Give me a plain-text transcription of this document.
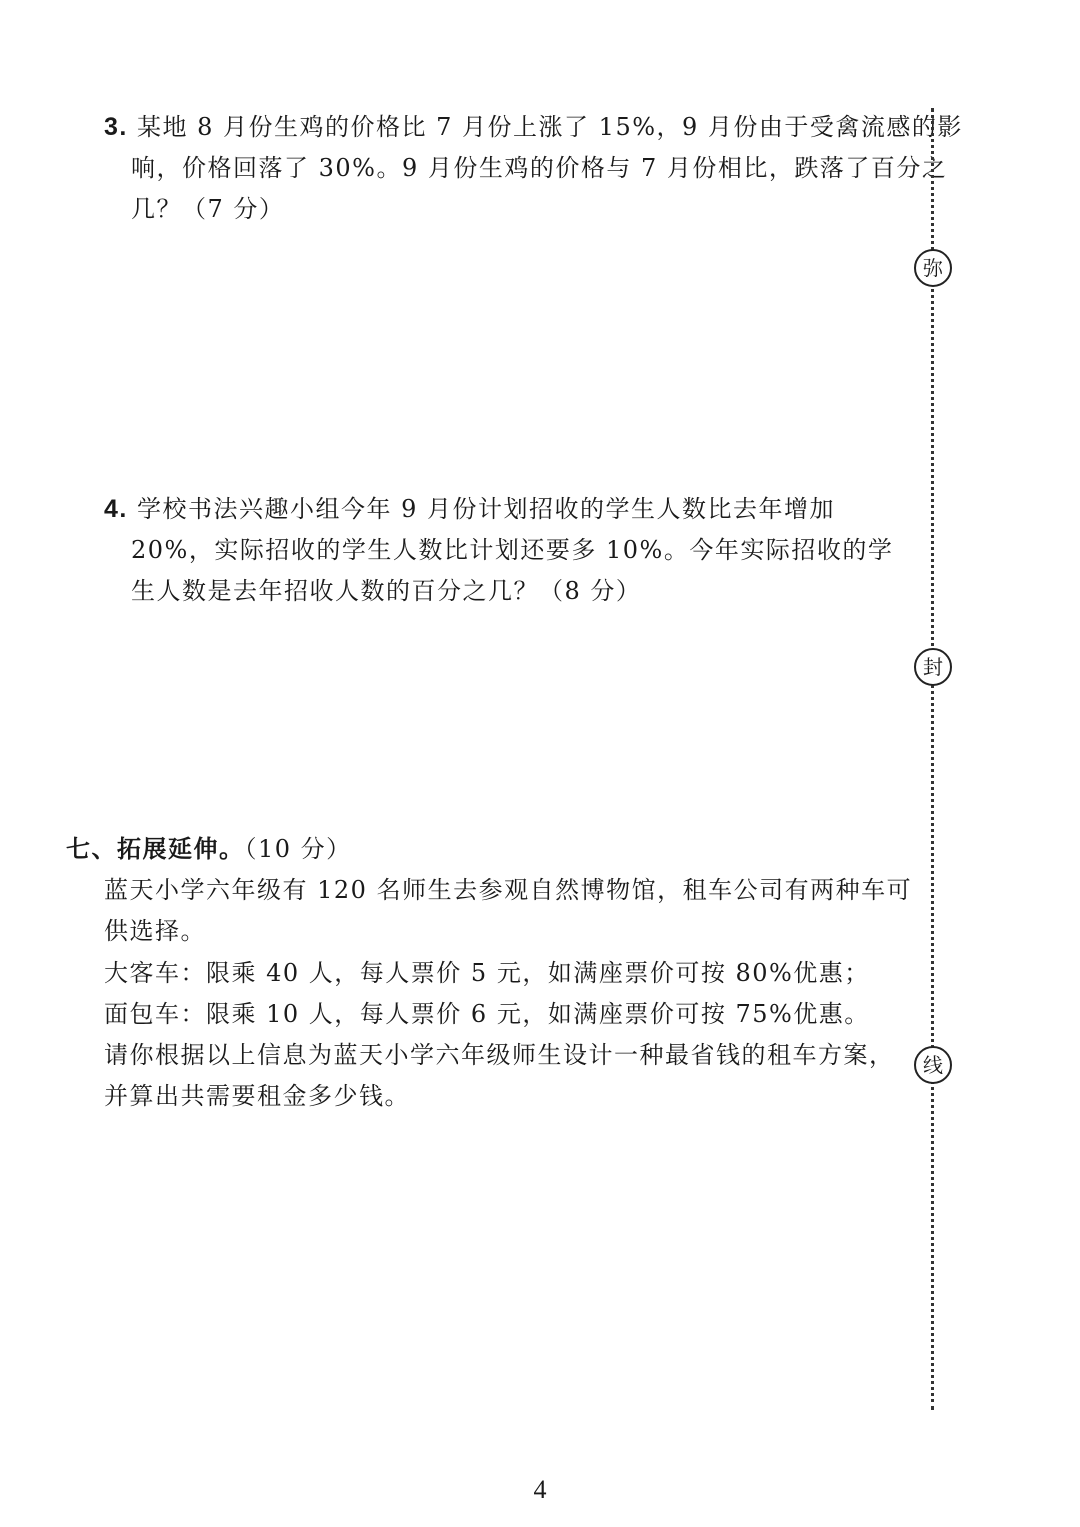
3. 某地 8 月份生鸡的价格比 7 月份上涨了 15%，9 月份由于受禽流感的影
响，价格回落了 30%。9 月份生鸡的价格与 7 月份相比，跌落了百分之
几？（7 分）
4. 学校书法兴趣小组今年 9 月份计划招收的学生人数比去年增加
20%，实际招收的学生人数比计划还要多 10%。今年实际招收的学
生人数是去年招收人数的百分之几？（8 分）
七、拓展延伸。（10 分）
蓝天小学六年级有 120 名师生去参观自然博物馆，租车公司有两种车可
供选择。
大客车：限乘 40 人，每人票价 5 元，如满座票价可按 80%优惠；
面包车：限乘 10 人，每人票价 6 元，如满座票价可按 75%优惠。
请你根据以上信息为蓝天小学六年级师生设计一种最省钱的租车方案，
并算出共需要租金多少钱。
弥
封
线
4
